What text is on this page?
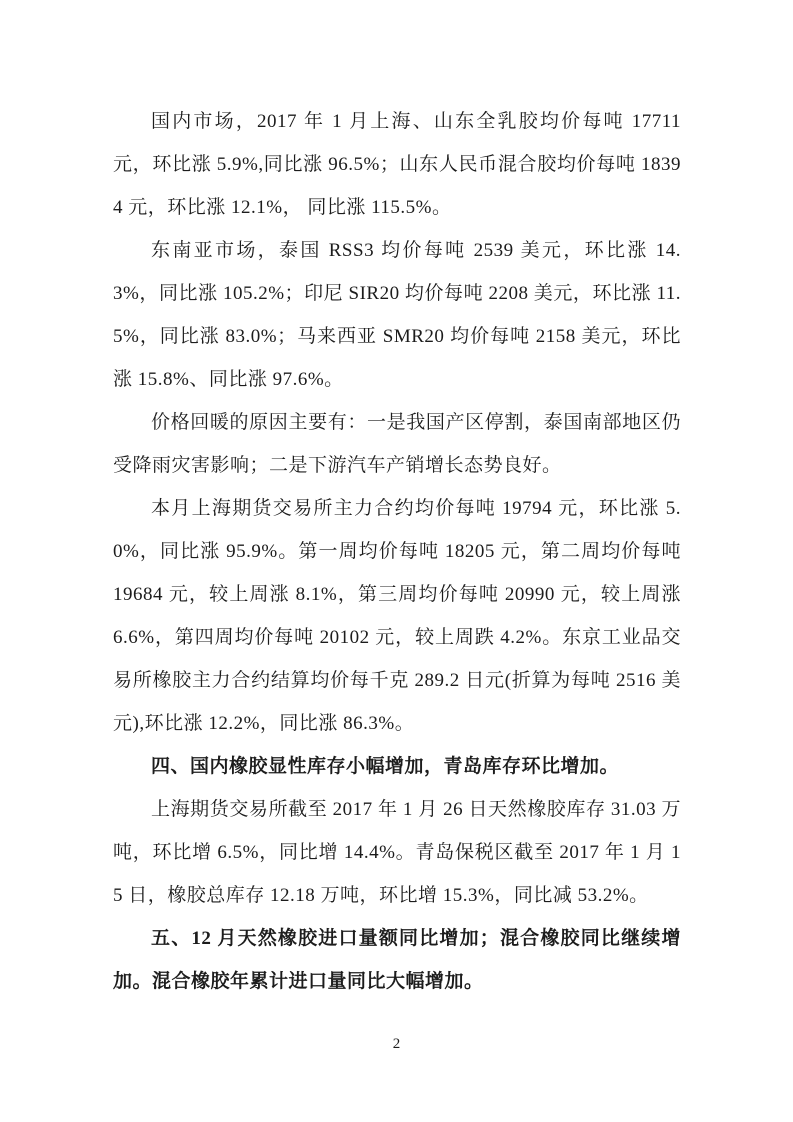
国内市场，2017 年 1 月上海、山东全乳胶均价每吨 17711 元，环比涨 5.9%,同比涨 96.5%；山东人民币混合胶均价每吨 18394 元，环比涨 12.1%， 同比涨 115.5%。

东南亚市场，泰国 RSS3 均价每吨 2539 美元，环比涨 14.3%，同比涨 105.2%；印尼 SIR20 均价每吨 2208 美元，环比涨 11.5%，同比涨 83.0%；马来西亚 SMR20 均价每吨 2158 美元，环比涨 15.8%、同比涨 97.6%。

价格回暖的原因主要有：一是我国产区停割，泰国南部地区仍受降雨灾害影响；二是下游汽车产销增长态势良好。

本月上海期货交易所主力合约均价每吨 19794 元，环比涨 5.0%，同比涨 95.9%。第一周均价每吨 18205 元，第二周均价每吨 19684 元，较上周涨 8.1%，第三周均价每吨 20990 元，较上周涨 6.6%，第四周均价每吨 20102 元，较上周跌 4.2%。东京工业品交易所橡胶主力合约结算均价每千克 289.2 日元(折算为每吨 2516 美元),环比涨 12.2%，同比涨 86.3%。

四、国内橡胶显性库存小幅增加，青岛库存环比增加。

上海期货交易所截至 2017 年 1 月 26 日天然橡胶库存 31.03 万吨，环比增 6.5%，同比增 14.4%。青岛保税区截至 2017 年 1 月 15 日，橡胶总库存 12.18 万吨，环比增 15.3%，同比减 53.2%。

五、12 月天然橡胶进口量额同比增加；混合橡胶同比继续增加。混合橡胶年累计进口量同比大幅增加。

2
